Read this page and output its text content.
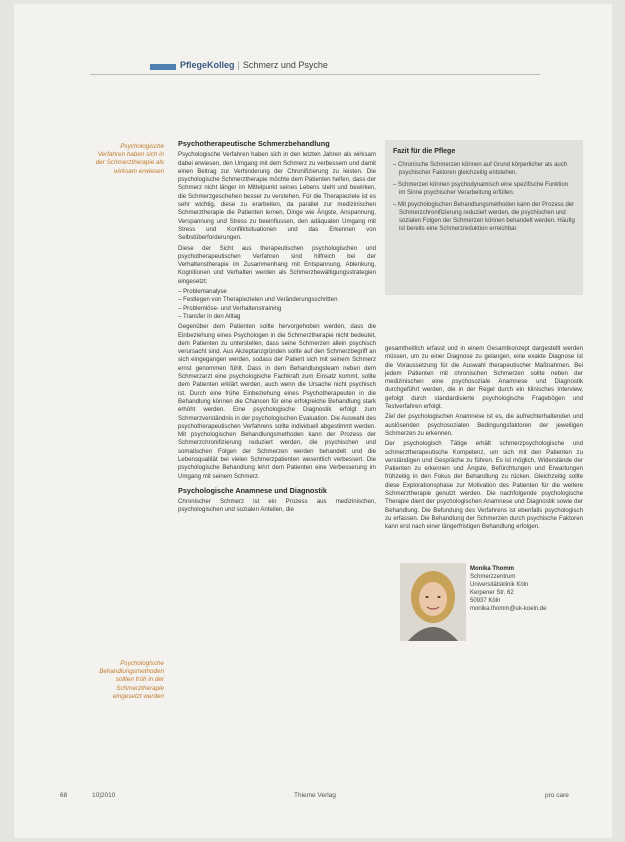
PflegeKolleg | Schmerz und Psyche
Psychologische Verfahren haben sich in der Schmerztherapie als wirksam erwiesen
Psychologische Behandlungsmethoden sollten früh in der Schmerztherapie eingesetzt werden
Psychotherapeutische Schmerzbehandlung

Psychologische Verfahren haben sich in den letzten Jahren als wirksam dabei erwiesen, den Umgang mit dem Schmerz zu verbessern und damit einen Beitrag zur Verhinderung der Chronifizierung zu leisten. Die psychologische Schmerztherapie möchte dem Patienten helfen, dass der Schmerz nicht länger im Mittelpunkt seines Lebens steht und bewirken, die Schmerzgeschehen besser zu verstehen. Für die Therapieziele ist es sehr wichtig, diese zu erarbeiten, da parallel zur medizinischen Schmerztherapie die Patienten lernen, Dinge wie Ängste, Anspannung, Verspannung und Stress zu beeinflussen, den adäquaten Umgang mit Stress und Konfliktsituationen und das Erkennen von Selbstüberforderungen.

Diese der Sicht aus therapeutischen psychologischen und psychotherapeutischen Verfahren sind hilfreich bei der Verhaltenstherapie im Zusammenhang mit Entspannung, Ablenkung, Kognitionen und Verhalten werden als Schmerzbewältigungsstrategien eingesetzt:

– Problemanalyse
– Festlegen von Therapiezielen und Veränderungsschritten
– Problemlöse- und Verhaltenstraining
– Transfer in den Alltag

Gegenüber dem Patienten sollte hervorgehoben werden, dass die Einbeziehung eines Psychologen in die Schmerztherapie nicht bedeutet, dem Patienten zu unterstellen, dass seine Schmerzen allein psychisch verursacht sind. Aus Akzeptanzgründen sollte auf den Schmerzbegriff an sich eingegangen werden, sodass der Patient sich mit seinem Schmerz ernst genommen fühlt. Dass in dem Behandlungsteam neben dem Schmerzarzt eine psychologische Fachkraft zum Einsatz kommt, sollte dem Patienten erklärt werden, auch wenn die Ursache nicht psychisch ist. Durch eine frühe Einbeziehung eines Psychotherapeuten in die Behandlung können die Chancen für eine erfolgreiche Behandlung stark erhöht werden. Eine psychologische Diagnostik erfolgt zum Schmerzverständnis in der psychologischen Evaluation. Die Auswahl des psychotherapeutischen Verfahrens sollte individuell abgestimmt werden. Mit psychologischen Behandlungsmethoden kann der Prozess der Schmerzchronifizierung reduziert werden, die psychischen und somatischen Folgen der Schmerzen werden behandelt und die Lebensqualität bei vielen Schmerzpatienten wesentlich verbessert. Die psychologische Behandlung lehrt dem Patienten eine Verbesserung im Umgang mit seinem Schmerz.

Psychologische Anamnese und Diagnostik

Chronischer Schmerz ist ein Prozess aus medizinischen, psychologischen und sozialen Anteilen, die

Fazit für die Pflege
– Chronische Schmerzen können auf Grund körperlicher als auch psychischer Faktoren gleichzeitig entstehen.
– Schmerzen können psychodynamisch eine spezifische Funktion im Sinne psychischer Verarbeitung erfüllen.
– Mit psychologischen Behandlungsmethoden kann der Prozess der Schmerzchronifizierung reduziert werden, die psychischen und sozialen Folgen der Schmerzen können behandelt werden. Häufig ist bereits eine Schmerzreduktion erreichbar.

gesamtheitlich erfasst und in einem Gesamtkonzept dargestellt werden müssen, um zu einer Diagnose zu gelangen, eine exakte Diagnose ist die Voraussetzung für die Auswahl therapeutischer Maßnahmen. Bei jedem Patienten mit chronischen Schmerzen sollte neben der medizinischen eine psychosoziale Anamnese und Diagnostik durchgeführt werden, die in der Regel durch ein klinisches Interview, gefolgt durch standardisierte psychologische Fragebögen und Testverfahren erfolgt.

Ziel der psychologischen Anamnese ist es, die aufrechterhaltenden und auslösenden psychosozialen Bedingungsfaktoren der jeweiligen Schmerzen zu erkennen.

Der psychologisch Tätige erhält schmerzpsychologische und schmerztherapeutische Kompetenz, um sich mit den Patienten zu verständigen und Gespräche zu führen. Es ist möglich, Widerstände der Patienten zu erkennen und Ängste, Befürchtungen und Erwartungen frühzeitig in den Fokus der Behandlung zu rücken. Gleichzeitig sollte diese Explorationsphase zur Motivation des Patienten für die weitere Schmerztherapie genutzt werden. Die nachfolgende psychologische Therapie dient der psychologischen Anamnese und Diagnostik sowie der Behandlung. Die Befundung des Verfahrens ist ebenfalls psychologisch zu erfassen. Die Behandlung der Schmerzen durch psychische Faktoren kann erst nach einer längerfristigen Behandlung erfolgen.

Monika Thomm
Schmerzzentrum
Universitätsklinik Köln
Kerpener Str. 62
50937 Köln
monika.thomm@uk-koeln.de
68	10|2010	Thieme Verlag	pro care
